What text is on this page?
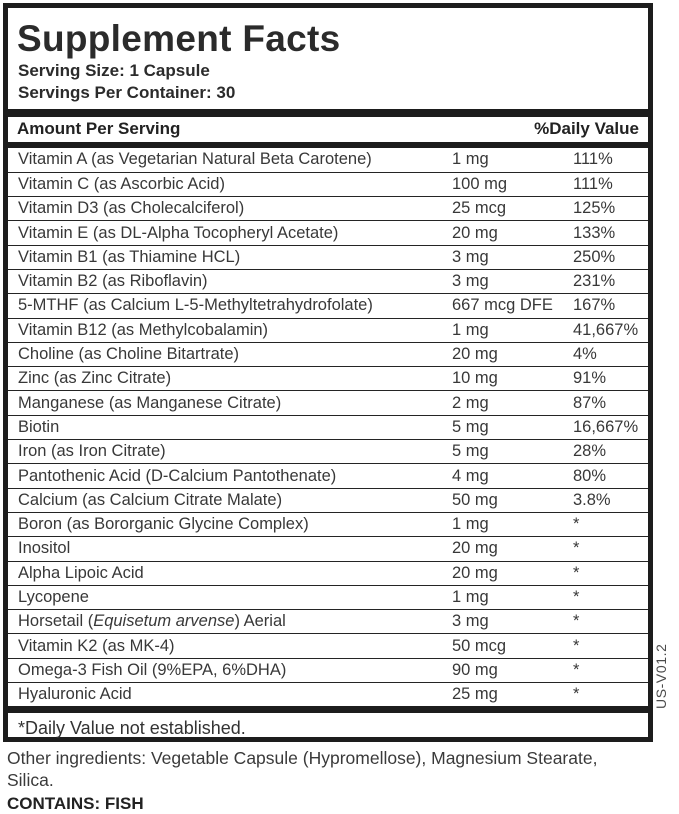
Supplement Facts
Serving Size: 1 Capsule
Servings Per Container: 30
Amount Per Serving	%Daily Value
Vitamin A (as Vegetarian Natural Beta Carotene)	1 mg	111%
Vitamin C (as Ascorbic Acid)	100 mg	111%
Vitamin D3 (as Cholecalciferol)	25 mcg	125%
Vitamin E (as DL-Alpha Tocopheryl Acetate)	20 mg	133%
Vitamin B1 (as Thiamine HCL)	3 mg	250%
Vitamin B2 (as Riboflavin)	3 mg	231%
5-MTHF (as Calcium L-5-Methyltetrahydrofolate)	667 mcg DFE	167%
Vitamin B12 (as Methylcobalamin)	1 mg	41,667%
Choline (as Choline Bitartrate)	20 mg	4%
Zinc (as Zinc Citrate)	10 mg	91%
Manganese (as Manganese Citrate)	2 mg	87%
Biotin	5 mg	16,667%
Iron (as Iron Citrate)	5 mg	28%
Pantothenic Acid (D-Calcium Pantothenate)	4 mg	80%
Calcium (as Calcium Citrate Malate)	50 mg	3.8%
Boron (as Bororganic Glycine Complex)	1 mg	*
Inositol	20 mg	*
Alpha Lipoic Acid	20 mg	*
Lycopene	1 mg	*
Horsetail (Equisetum arvense) Aerial	3 mg	*
Vitamin K2 (as MK-4)	50 mcg	*
Omega-3 Fish Oil (9%EPA, 6%DHA)	90 mg	*
Hyaluronic Acid	25 mg	*
*Daily Value not established.
Other ingredients: Vegetable Capsule (Hypromellose), Magnesium Stearate, Silica.
CONTAINS: FISH
US-V01.2
